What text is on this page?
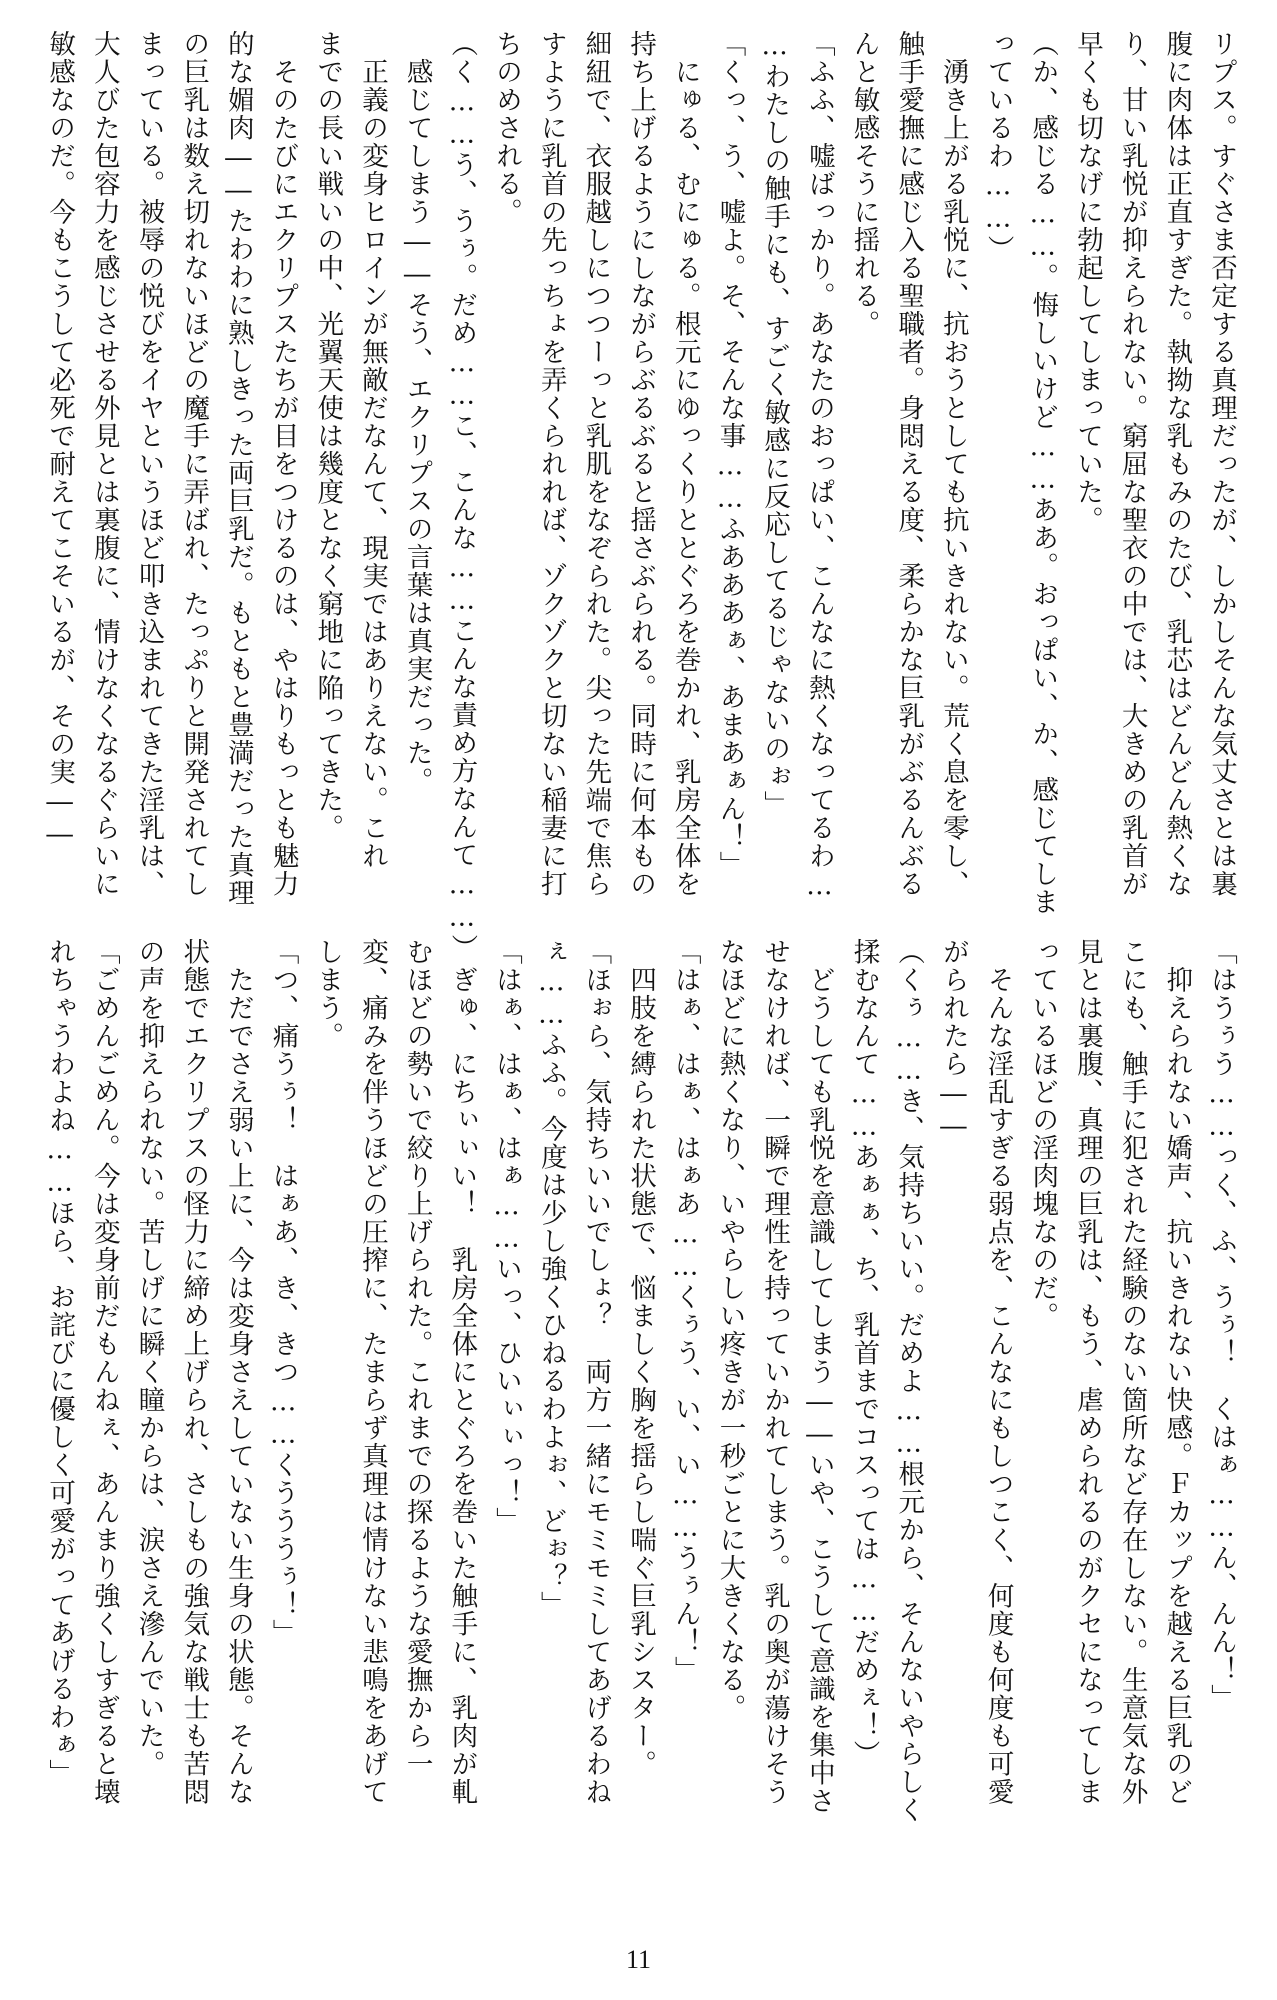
リプス。すぐさま否定する真理だったが、しかしそんな気丈さとは裏
腹に肉体は正直すぎた。執拗な乳もみのたび、乳芯はどんどん熱くな
り、甘い乳悦が抑えられない。窮屈な聖衣の中では、大きめの乳首が
早くも切なげに勃起してしまっていた。
（か、感じる……。悔しいけど……ああ。おっぱい、か、感じてしま
っているわ……）
　湧き上がる乳悦に、抗おうとしても抗いきれない。荒く息を零し、
触手愛撫に感じ入る聖職者。身悶える度、柔らかな巨乳がぶるんぶる
んと敏感そうに揺れる。
「ふふ、嘘ばっかり。あなたのおっぱい、こんなに熱くなってるわ…
…わたしの触手にも、すごく敏感に反応してるじゃないのぉ」
「くっ、う、嘘よ。そ、そんな事……ふあああぁ、あまあぁん！」
　にゅる、むにゅる。根元にゆっくりととぐろを巻かれ、乳房全体を
持ち上げるようにしながらぶるぶると揺さぶられる。同時に何本もの
細紐で、衣服越しにつつーっと乳肌をなぞられた。尖った先端で焦ら
すように乳首の先っちょを弄くられれば、ゾクゾクと切ない稲妻に打
ちのめされる。
（く……う、うぅ。だめ……こ、こんな……こんな責め方なんて……）
　感じてしまう――そう、エクリプスの言葉は真実だった。
　正義の変身ヒロインが無敵だなんて、現実ではありえない。これ
までの長い戦いの中、光翼天使は幾度となく窮地に陥ってきた。
　そのたびにエクリプスたちが目をつけるのは、やはりもっとも魅力
的な媚肉――たわわに熟しきった両巨乳だ。もともと豊満だった真理
の巨乳は数え切れないほどの魔手に弄ばれ、たっぷりと開発されてし
まっている。被辱の悦びをイヤというほど叩き込まれてきた淫乳は、
大人びた包容力を感じさせる外見とは裏腹に、情けなくなるぐらいに
敏感なのだ。今もこうして必死で耐えてこそいるが、その実――
「はうぅう……っく、ふ、うぅ！　くはぁ……ん、んん！」
　抑えられない嬌声、抗いきれない快感。Ｆカップを越える巨乳のど
こにも、触手に犯された経験のない箇所など存在しない。生意気な外
見とは裏腹、真理の巨乳は、もう、虐められるのがクセになってしま
っているほどの淫肉塊なのだ。
　そんな淫乱すぎる弱点を、こんなにもしつこく、何度も何度も可愛
がられたら――
（くぅ……き、気持ちいい。だめよ……根元から、そんないやらしく
揉むなんて……あぁぁ、ち、乳首までコスっては……だめぇ！）
　どうしても乳悦を意識してしまう――いや、こうして意識を集中さ
せなければ、一瞬で理性を持っていかれてしまう。乳の奥が蕩けそう
なほどに熱くなり、いやらしい疼きが一秒ごとに大きくなる。
「はぁ、はぁ、はぁあ……くぅう、い、い……うぅん！」
　四肢を縛られた状態で、悩ましく胸を揺らし喘ぐ巨乳シスター。
「ほぉら、気持ちいいでしょ？　両方一緒にモミモミしてあげるわね
ぇ……ふふ。今度は少し強くひねるわよぉ、どぉ？」
「はぁ、はぁ、はぁ……いっ、ひいぃぃっ！」
　ぎゅ、にちぃぃい！　乳房全体にとぐろを巻いた触手に、乳肉が軋
むほどの勢いで絞り上げられた。これまでの探るような愛撫から一
変、痛みを伴うほどの圧搾に、たまらず真理は情けない悲鳴をあげて
しまう。
「つ、痛うぅ！　はぁあ、き、きつ……くうううぅ！」
　ただでさえ弱い上に、今は変身さえしていない生身の状態。そんな
状態でエクリプスの怪力に締め上げられ、さしもの強気な戦士も苦悶
の声を抑えられない。苦しげに瞬く瞳からは、涙さえ滲んでいた。
「ごめんごめん。今は変身前だもんねぇ、あんまり強くしすぎると壊
れちゃうわよね……ほら、お詫びに優しく可愛がってあげるわぁ」
11
